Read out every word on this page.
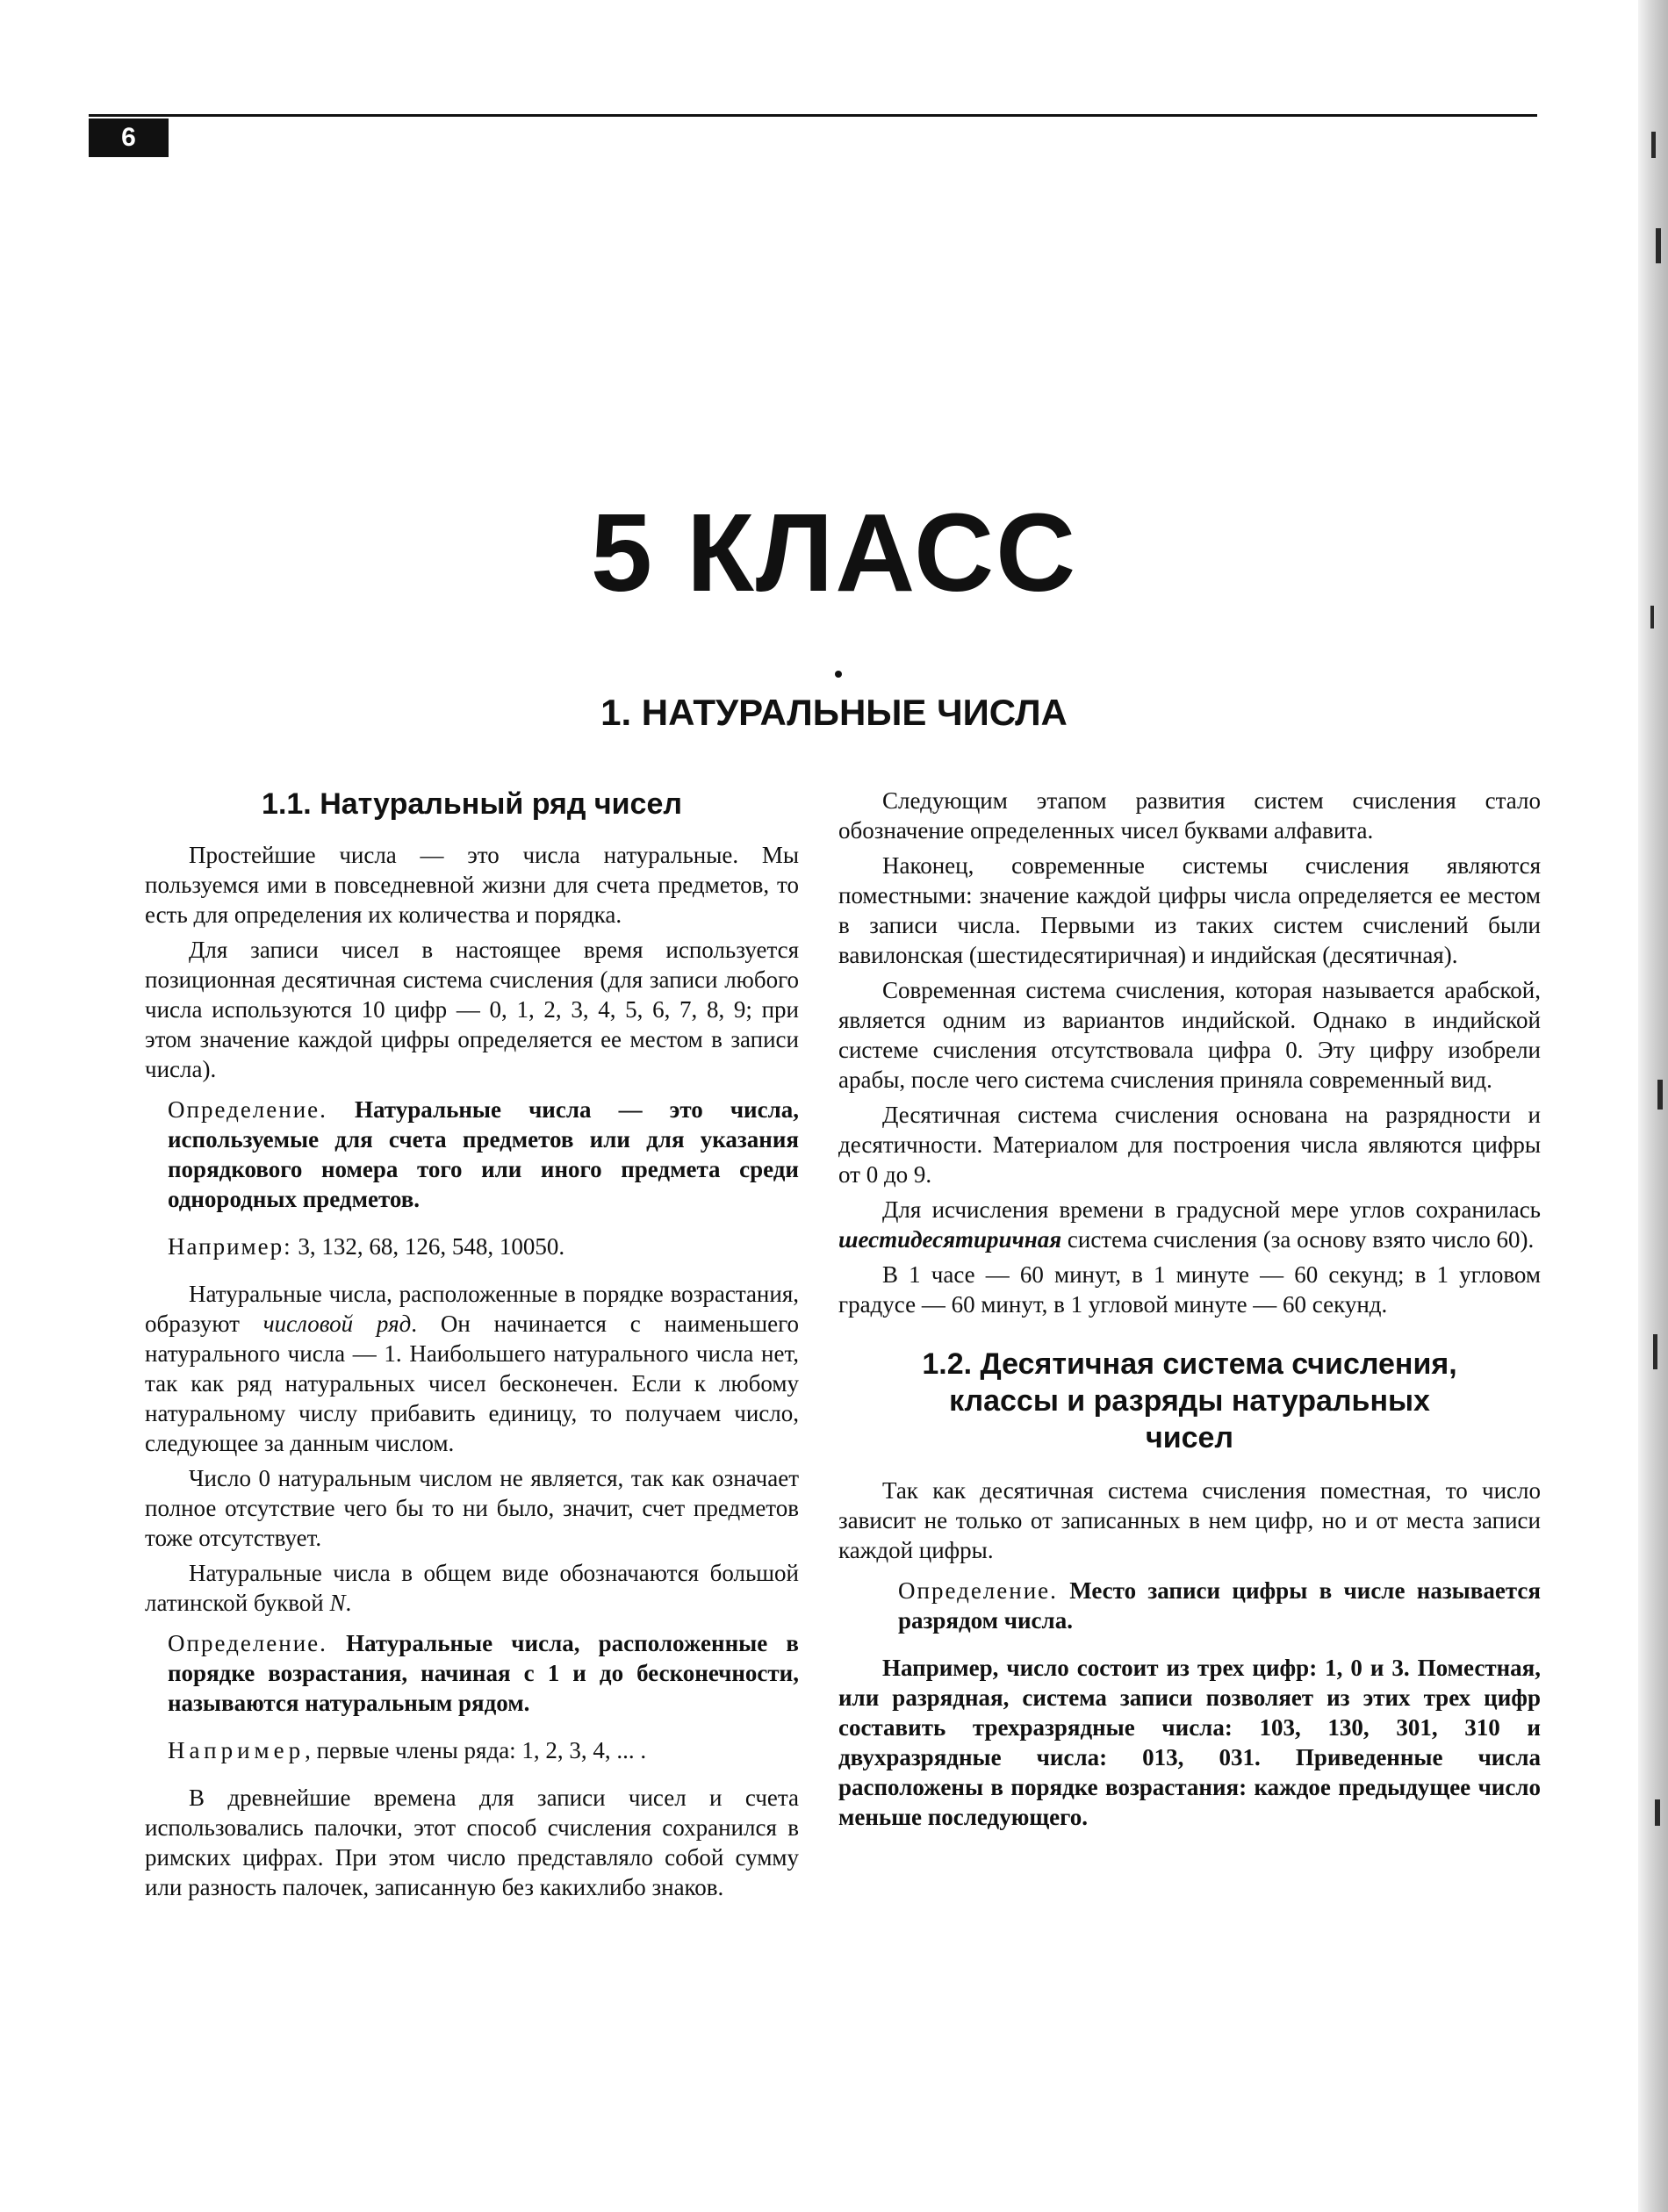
6
5 КЛАСС
1. НАТУРАЛЬНЫЕ ЧИСЛА
1.1. Натуральный ряд чисел

Простейшие числа — это числа натуральные. Мы пользуемся ими в повседневной жизни для счета предметов, то есть для определения их количества и порядка.

Для записи чисел в настоящее время используется позиционная десятичная система счисления (для записи любого числа используются 10 цифр — 0, 1, 2, 3, 4, 5, 6, 7, 8, 9; при этом значение каждой цифры определяется ее местом в записи числа).

Определение. Натуральные числа — это числа, используемые для счета предметов или для указания порядкового номера того или иного предмета среди однородных предметов.
Например: 3, 132, 68, 126, 548, 10050.

Натуральные числа, расположенные в порядке возрастания, образуют числовой ряд. Он начинается с наименьшего натурального числа — 1. Наибольшего натурального числа нет, так как ряд натуральных чисел бесконечен. Если к любому натуральному числу прибавить единицу, то получаем число, следующее за данным числом.

Число 0 натуральным числом не является, так как означает полное отсутствие чего бы то ни было, значит, счет предметов тоже отсутствует.

Натуральные числа в общем виде обозначаются большой латинской буквой N.

Определение. Натуральные числа, расположенные в порядке возрастания, начиная с 1 и до бесконечности, называются натуральным рядом.
Например, первые члены ряда: 1, 2, 3, 4, ... .

В древнейшие времена для записи чисел и счета использовались палочки, этот способ счисления сохранился в римских цифрах. При этом число представляло собой сумму или разность палочек, записанную без какихлибо знаков.

Следующим этапом развития систем счисления стало обозначение определенных чисел буквами алфавита.

Наконец, современные системы счисления являются поместными: значение каждой цифры числа определяется ее местом в записи числа. Первыми из таких систем счислений были вавилонская (шестидесятиричная) и индийская (десятичная).

Современная система счисления, которая называется арабской, является одним из вариантов индийской. Однако в индийской системе счисления отсутствовала цифра 0. Эту цифру изобрели арабы, после чего система счисления приняла современный вид.

Десятичная система счисления основана на разрядности и десятичности. Материалом для построения числа являются цифры от 0 до 9.

Для исчисления времени в градусной мере углов сохранилась шестидесятиричная система счисления (за основу взято число 60).

В 1 часе — 60 минут, в 1 минуте — 60 секунд; в 1 угловом градусе — 60 минут, в 1 угловой минуте — 60 секунд.

1.2. Десятичная система счисления,
классы и разряды натуральных
чисел

Так как десятичная система счисления поместная, то число зависит не только от записанных в нем цифр, но и от места записи каждой цифры.

Определение. Место записи цифры в числе называется разрядом числа.

Например, число состоит из трех цифр: 1, 0 и 3. Поместная, или разрядная, система записи позволяет из этих трех цифр составить трехразрядные числа: 103, 130, 301, 310 и двухразрядные числа: 013, 031. Приведенные числа расположены в порядке возрастания: каждое предыдущее число меньше последующего.
